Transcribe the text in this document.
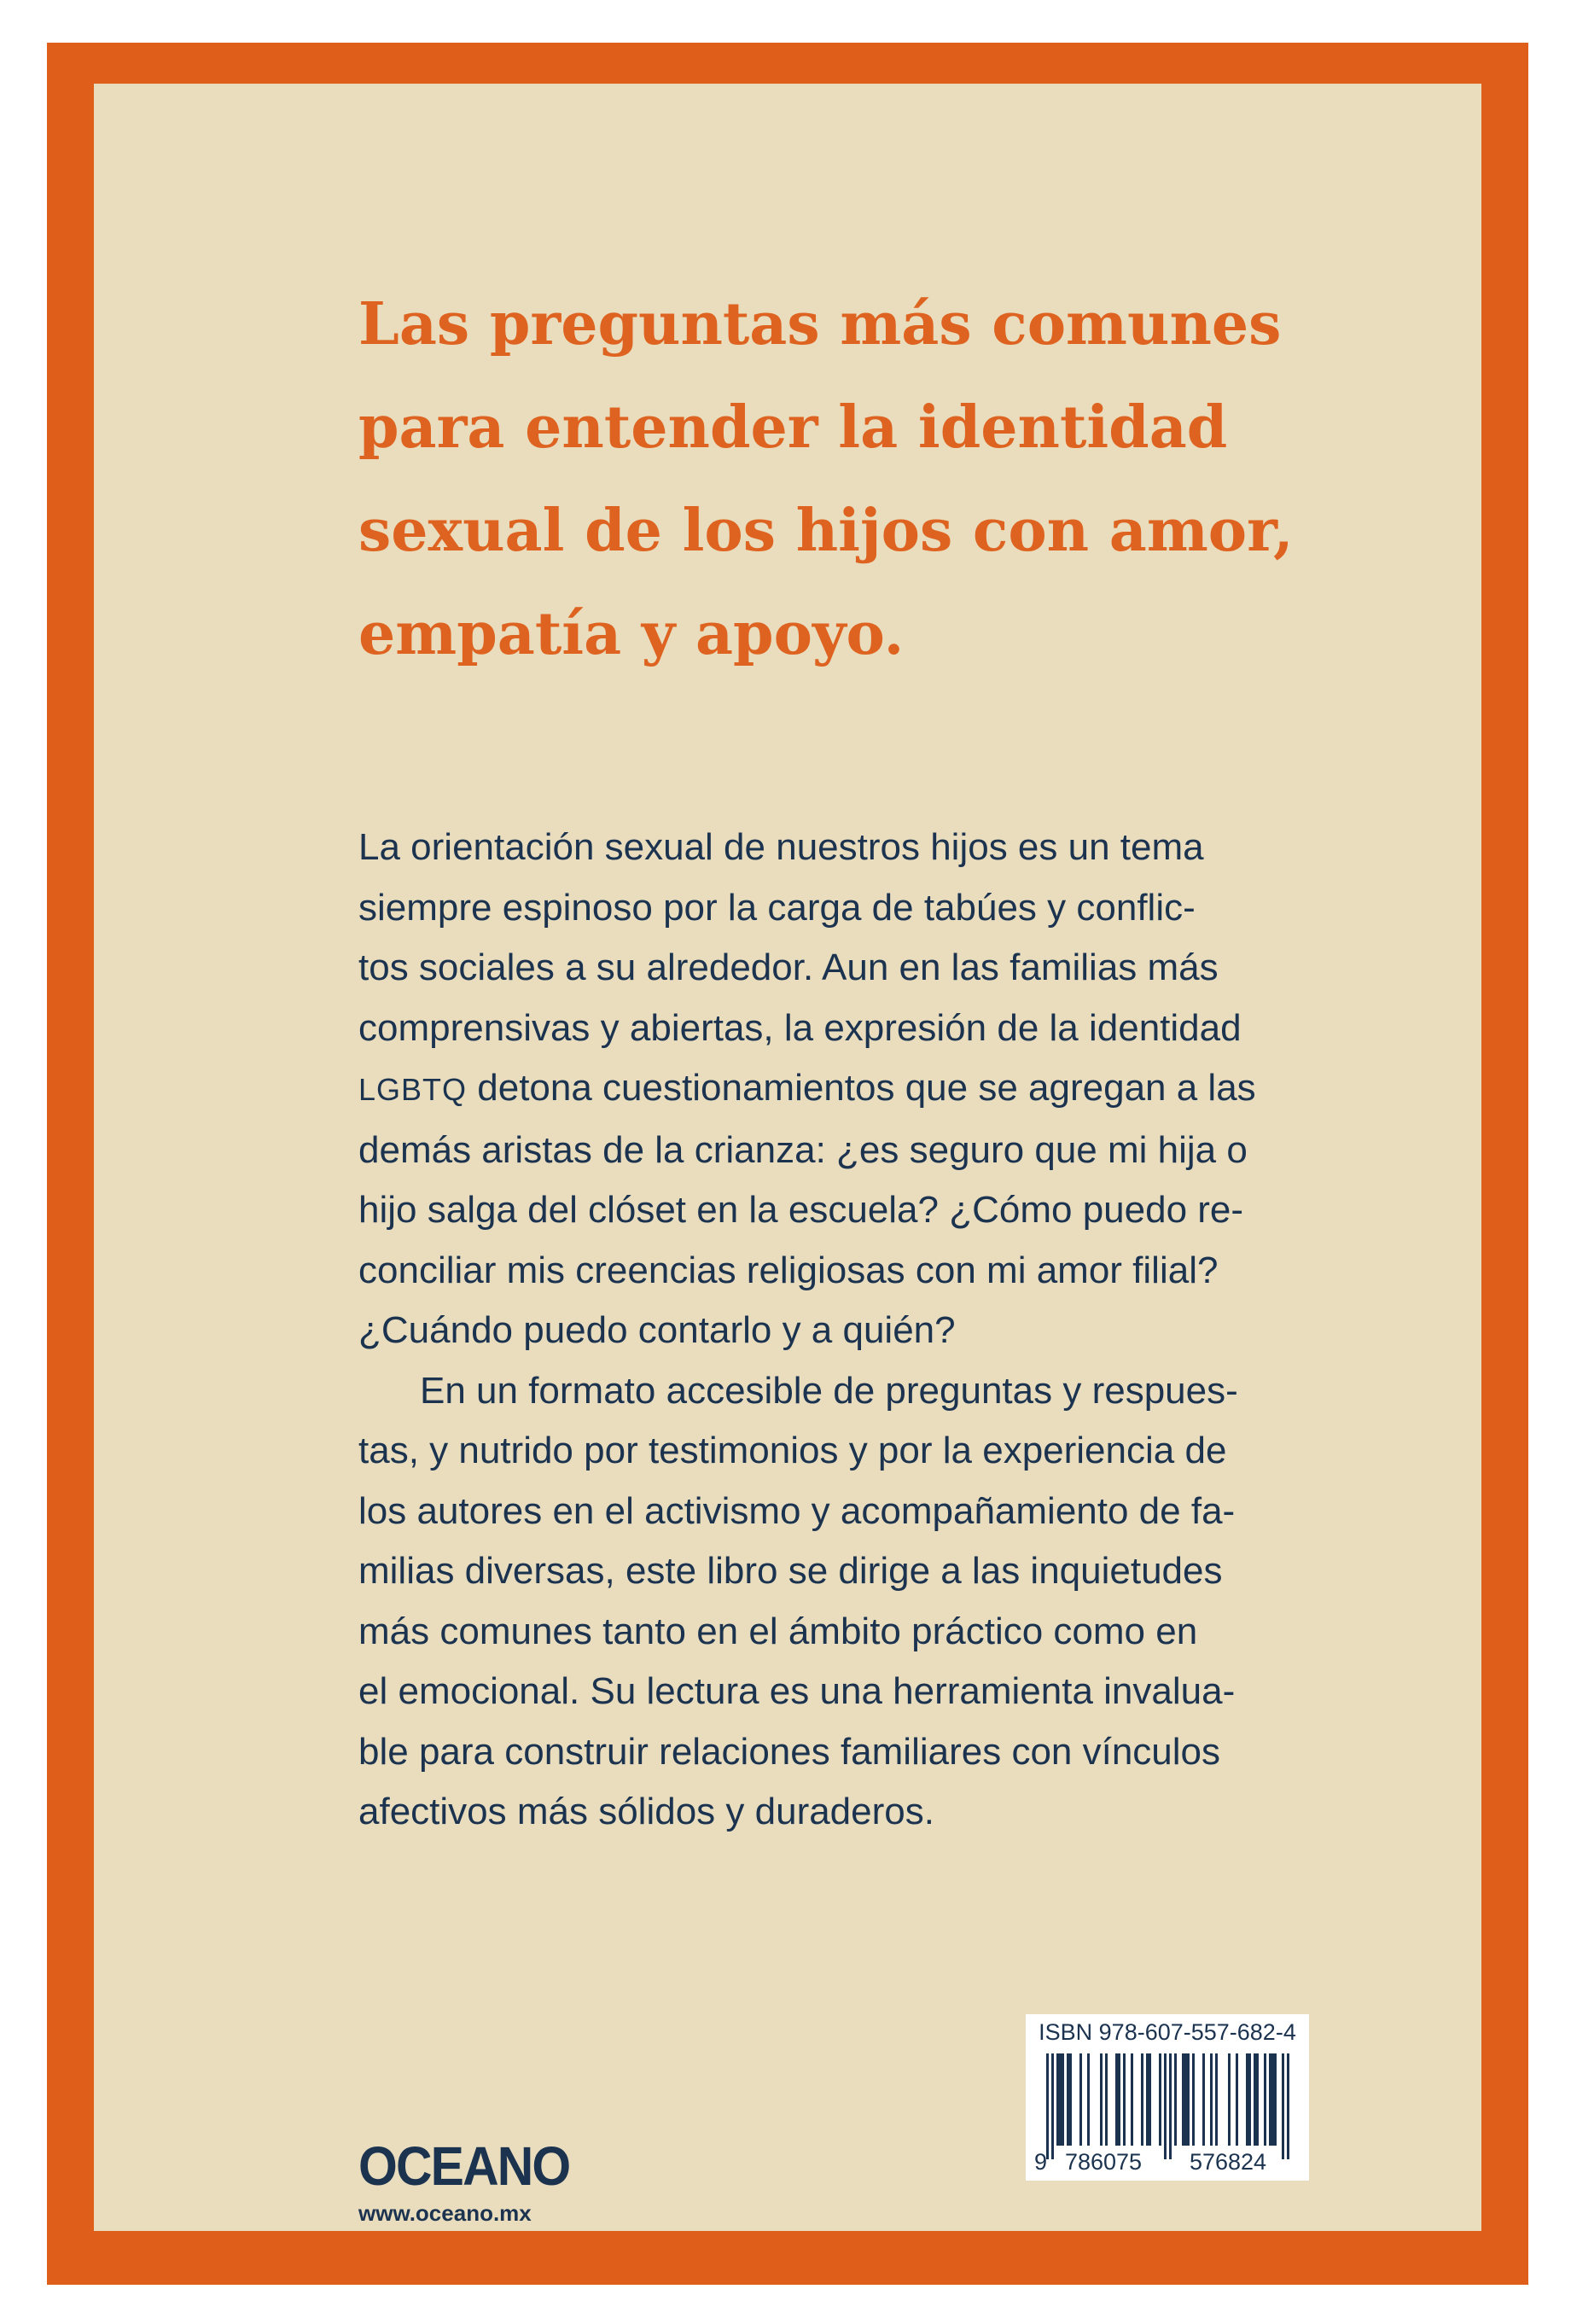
Las preguntas más comunes
para entender la identidad
sexual de los hijos con amor,
empatía y apoyo.
La orientación sexual de nuestros hijos es un tema
siempre espinoso por la carga de tabúes y conflic-
tos sociales a su alrededor. Aun en las familias más
comprensivas y abiertas, la expresión de la identidad
LGBTQ detona cuestionamientos que se agregan a las
demás aristas de la crianza: ¿es seguro que mi hija o
hijo salga del clóset en la escuela? ¿Cómo puedo re-
conciliar mis creencias religiosas con mi amor filial?
¿Cuándo puedo contarlo y a quién?
En un formato accesible de preguntas y respues-
tas, y nutrido por testimonios y por la experiencia de
los autores en el activismo y acompañamiento de fa-
milias diversas, este libro se dirige a las inquietudes
más comunes tanto en el ámbito práctico como en
el emocional. Su lectura es una herramienta invalua-
ble para construir relaciones familiares con vínculos
afectivos más sólidos y duraderos.
OCEANO
www.oceano.mx
9 786075 576824
ISBN 978-607-557-682-4
